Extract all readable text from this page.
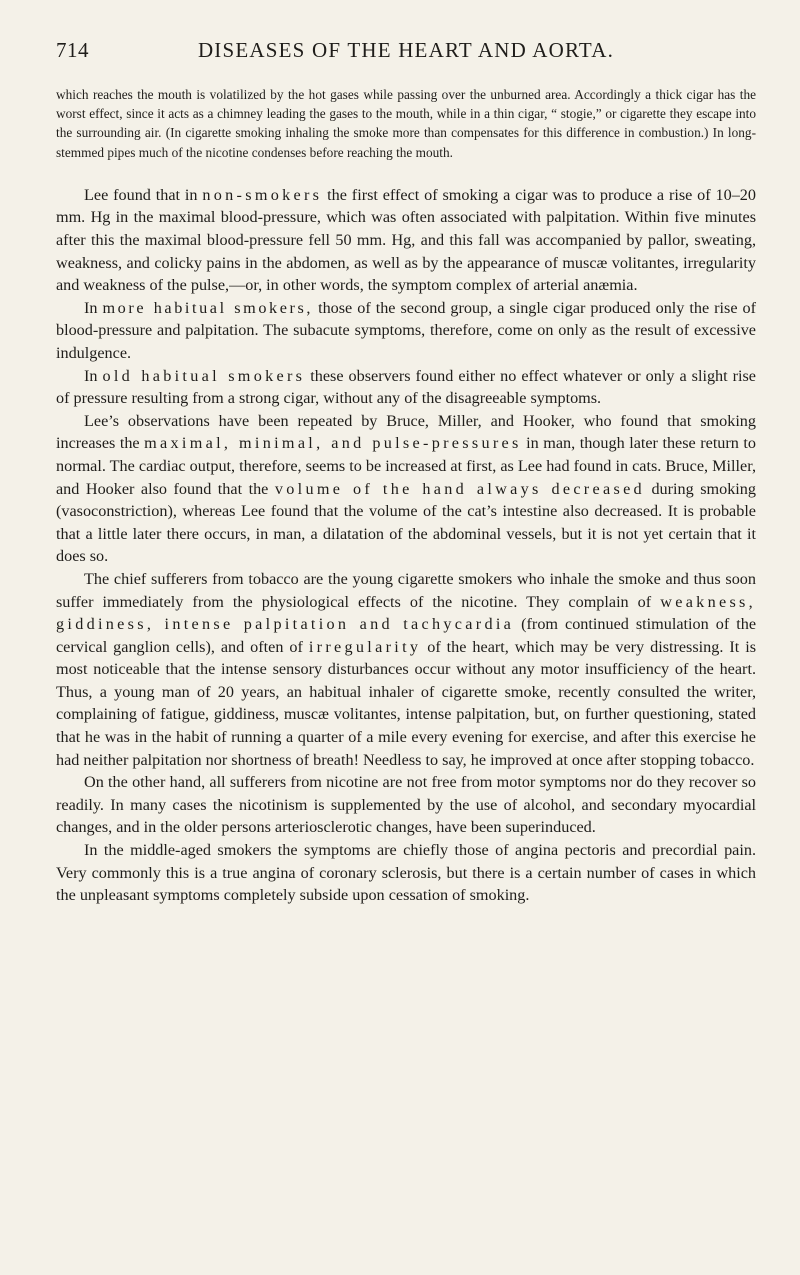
714	DISEASES OF THE HEART AND AORTA.

which reaches the mouth is volatilized by the hot gases while passing over the unburned area. Accordingly a thick cigar has the worst effect, since it acts as a chimney leading the gases to the mouth, while in a thin cigar, “ stogie,” or cigarette they escape into the surrounding air. (In cigarette smoking inhaling the smoke more than compensates for this difference in combustion.) In long-stemmed pipes much of the nicotine condenses before reaching the mouth.

Lee found that in non-smokers the first effect of smoking a cigar was to produce a rise of 10–20 mm. Hg in the maximal blood-pressure, which was often associated with palpitation. Within five minutes after this the maximal blood-pressure fell 50 mm. Hg, and this fall was accompanied by pallor, sweating, weakness, and colicky pains in the abdomen, as well as by the appearance of muscæ volitantes, irregularity and weakness of the pulse,—or, in other words, the symptom complex of arterial anæmia.

In more habitual smokers, those of the second group, a single cigar produced only the rise of blood-pressure and palpitation. The subacute symptoms, therefore, come on only as the result of excessive indulgence.

In old habitual smokers these observers found either no effect whatever or only a slight rise of pressure resulting from a strong cigar, without any of the disagreeable symptoms.

Lee’s observations have been repeated by Bruce, Miller, and Hooker, who found that smoking increases the maximal, minimal, and pulse-pressures in man, though later these return to normal. The cardiac output, therefore, seems to be increased at first, as Lee had found in cats. Bruce, Miller, and Hooker also found that the volume of the hand always decreased during smoking (vasoconstriction), whereas Lee found that the volume of the cat’s intestine also decreased. It is probable that a little later there occurs, in man, a dilatation of the abdominal vessels, but it is not yet certain that it does so.

The chief sufferers from tobacco are the young cigarette smokers who inhale the smoke and thus soon suffer immediately from the physiological effects of the nicotine. They complain of weakness, giddiness, intense palpitation and tachycardia (from continued stimulation of the cervical ganglion cells), and often of irregularity of the heart, which may be very distressing. It is most noticeable that the intense sensory disturbances occur without any motor insufficiency of the heart. Thus, a young man of 20 years, an habitual inhaler of cigarette smoke, recently consulted the writer, complaining of fatigue, giddiness, muscæ volitantes, intense palpitation, but, on further questioning, stated that he was in the habit of running a quarter of a mile every evening for exercise, and after this exercise he had neither palpitation nor shortness of breath! Needless to say, he improved at once after stopping tobacco.

On the other hand, all sufferers from nicotine are not free from motor symptoms nor do they recover so readily. In many cases the nicotinism is supplemented by the use of alcohol, and secondary myocardial changes, and in the older persons arteriosclerotic changes, have been superinduced.

In the middle-aged smokers the symptoms are chiefly those of angina pectoris and precordial pain. Very commonly this is a true angina of coronary sclerosis, but there is a certain number of cases in which the unpleasant symptoms completely subside upon cessation of smoking.
